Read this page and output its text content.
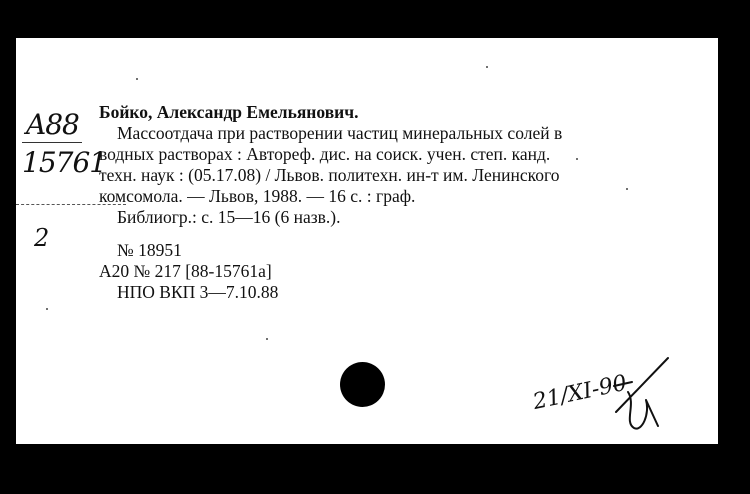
A88
15761
2
Бойко, Александр Емельянович.
Массоотдача при растворении частиц минеральных солей в
водных растворах : Автореф. дис. на соиск. учен. степ. канд.
техн. наук : (05.17.08) / Львов. политехн. ин-т им. Ленинского
комсомола. — Львов, 1988. — 16 с. : граф.
Библиогр.: с. 15—16 (6 назв.).
№ 18951
А20 № 217 [88-15761а]
НПО ВКП 3—7.10.88
21/XI-90
